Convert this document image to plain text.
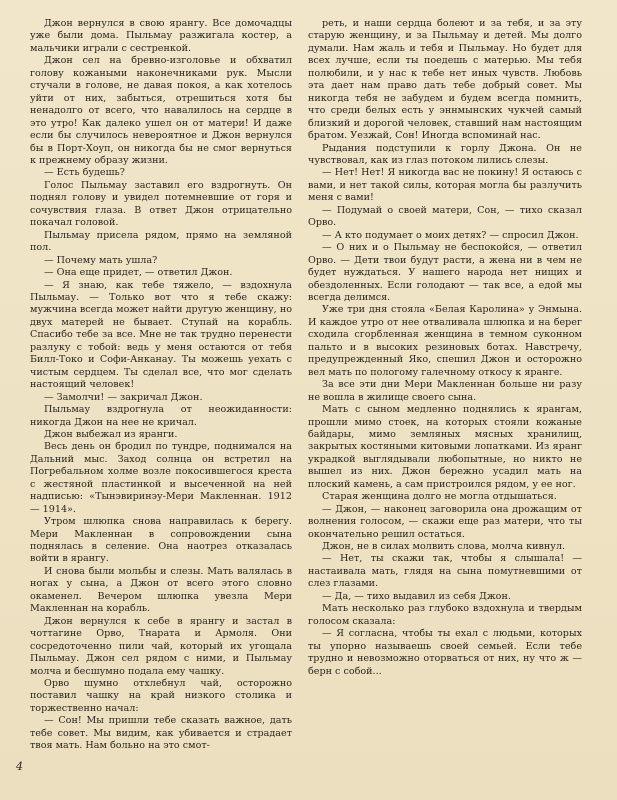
Джон вернулся в свою ярангу. Все домочадцы уже были дома. Пыльмау разжигала костер, а мальчики играли с сестренкой.

Джон сел на бревно-изголовье и обхватил голову кожаными наконечниками рук. Мысли стучали в голове, не давая покоя, а как хотелось уйти от них, забыться, отрешиться хотя бы ненадолго от всего, что навалилось на сердце в это утро! Как далеко ушел он от матери! И даже если бы случилось невероятное и Джон вернулся бы в Порт-Хоуп, он никогда бы не смог вернуться к прежнему образу жизни.

— Есть будешь?

Голос Пыльмау заставил его вздрогнуть. Он поднял голову и увидел потемневшие от горя и сочувствия глаза. В ответ Джон отрицательно покачал головой.

Пыльмау присела рядом, прямо на земляной пол.

— Почему мать ушла?

— Она еще придет, — ответил Джон.

— Я знаю, как тебе тяжело, — вздохнула Пыльмау. — Только вот что я тебе скажу: мужчина всегда может найти другую женщину, но двух матерей не бывает. Ступай на корабль. Спасибо тебе за все. Мне не так трудно перенести разлуку с тобой: ведь у меня остаются от тебя Билл-Токо и Софи-Анканау. Ты можешь уехать с чистым сердцем. Ты сделал все, что мог сделать настоящий человек!

— Замолчи! — закричал Джон.

Пыльмау вздрогнула от неожиданности: никогда Джон на нее не кричал.

Джон выбежал из яранги.

Весь день он бродил по тундре, поднимался на Дальний мыс. Заход солнца он встретил на Погребальном холме возле покосившегося креста с жестяной пластинкой и высеченной на ней надписью: «Тынэвиринэу-Мери Макленнан. 1912 — 1914».

Утром шлюпка снова направилась к берегу. Мери Макленнан в сопровождении сына поднялась в селение. Она наотрез отказалась войти в ярангу.

И снова были мольбы и слезы. Мать валялась в ногах у сына, а Джон от всего этого словно окаменел. Вечером шлюпка увезла Мери Макленнан на корабль.

Джон вернулся к себе в ярангу и застал в чоттагине Орво, Тнарата и Армоля. Они сосредоточенно пили чай, который их угощала Пыльмау. Джон сел рядом с ними, и Пыльмау молча и бесшумно подала ему чашку.

Орво шумно отхлебнул чай, осторожно поставил чашку на край низкого столика и торжественно начал:

— Сон! Мы пришли тебе сказать важное, дать тебе совет. Мы видим, как убивается и страдает твоя мать. Нам больно на это смот-

реть, и наши сердца болеют и за тебя, и за эту старую женщину, и за Пыльмау и детей. Мы долго думали. Нам жаль и тебя и Пыльмау. Но будет для всех лучше, если ты поедешь с матерью. Мы тебя полюбили, и у нас к тебе нет иных чувств. Любовь эта дает нам право дать тебе добрый совет. Мы никогда тебя не забудем и будем всегда помнить, что среди белых есть у эннмынских чукчей самый близкий и дорогой человек, ставший нам настоящим братом. Уезжай, Сон! Иногда вспоминай нас.

Рыдания подступили к горлу Джона. Он не чувствовал, как из глаз потоком лились слезы.

— Нет! Нет! Я никогда вас не покину! Я остаюсь с вами, и нет такой силы, которая могла бы разлучить меня с вами!

— Подумай о своей матери, Сон, — тихо сказал Орво.

— А кто подумает о моих детях? — спросил Джон.

— О них и о Пыльмау не беспокойся, — ответил Орво. — Дети твои будут расти, а жена ни в чем не будет нуждаться. У нашего народа нет нищих и обездоленных. Если голодают — так все, а едой мы всегда делимся.

Уже три дня стояла «Белая Каролина» у Энмына. И каждое утро от нее отваливала шлюпка и на берег сходила сгорбленная женщина в темном суконном пальто и в высоких резиновых ботах. Навстречу, предупрежденный Яко, спешил Джон и осторожно вел мать по пологому галечному откосу к яранге.

За все эти дни Мери Макленнан больше ни разу не вошла в жилище своего сына.

Мать с сыном медленно поднялись к ярангам, прошли мимо стоек, на которых стояли кожаные байдары, мимо земляных мясных хранилищ, закрытых костяными китовыми лопатками. Из яранг украдкой выглядывали любопытные, но никто не вышел из них. Джон бережно усадил мать на плоский камень, а сам пристроился рядом, у ее ног.

Старая женщина долго не могла отдышаться.

— Джон, — наконец заговорила она дрожащим от волнения голосом, — скажи еще раз матери, что ты окончательно решил остаться.

Джон, не в силах молвить слова, молча кивнул.

— Нет, ты скажи так, чтобы я слышала! — настаивала мать, глядя на сына помутневшими от слез глазами.

— Да, — тихо выдавил из себя Джон.

Мать несколько раз глубоко вздохнула и твердым голосом сказала:

— Я согласна, чтобы ты ехал с людьми, которых ты упорно называешь своей семьей. Если тебе трудно и невозможно оторваться от них, ну что ж — берн с собой...

4
